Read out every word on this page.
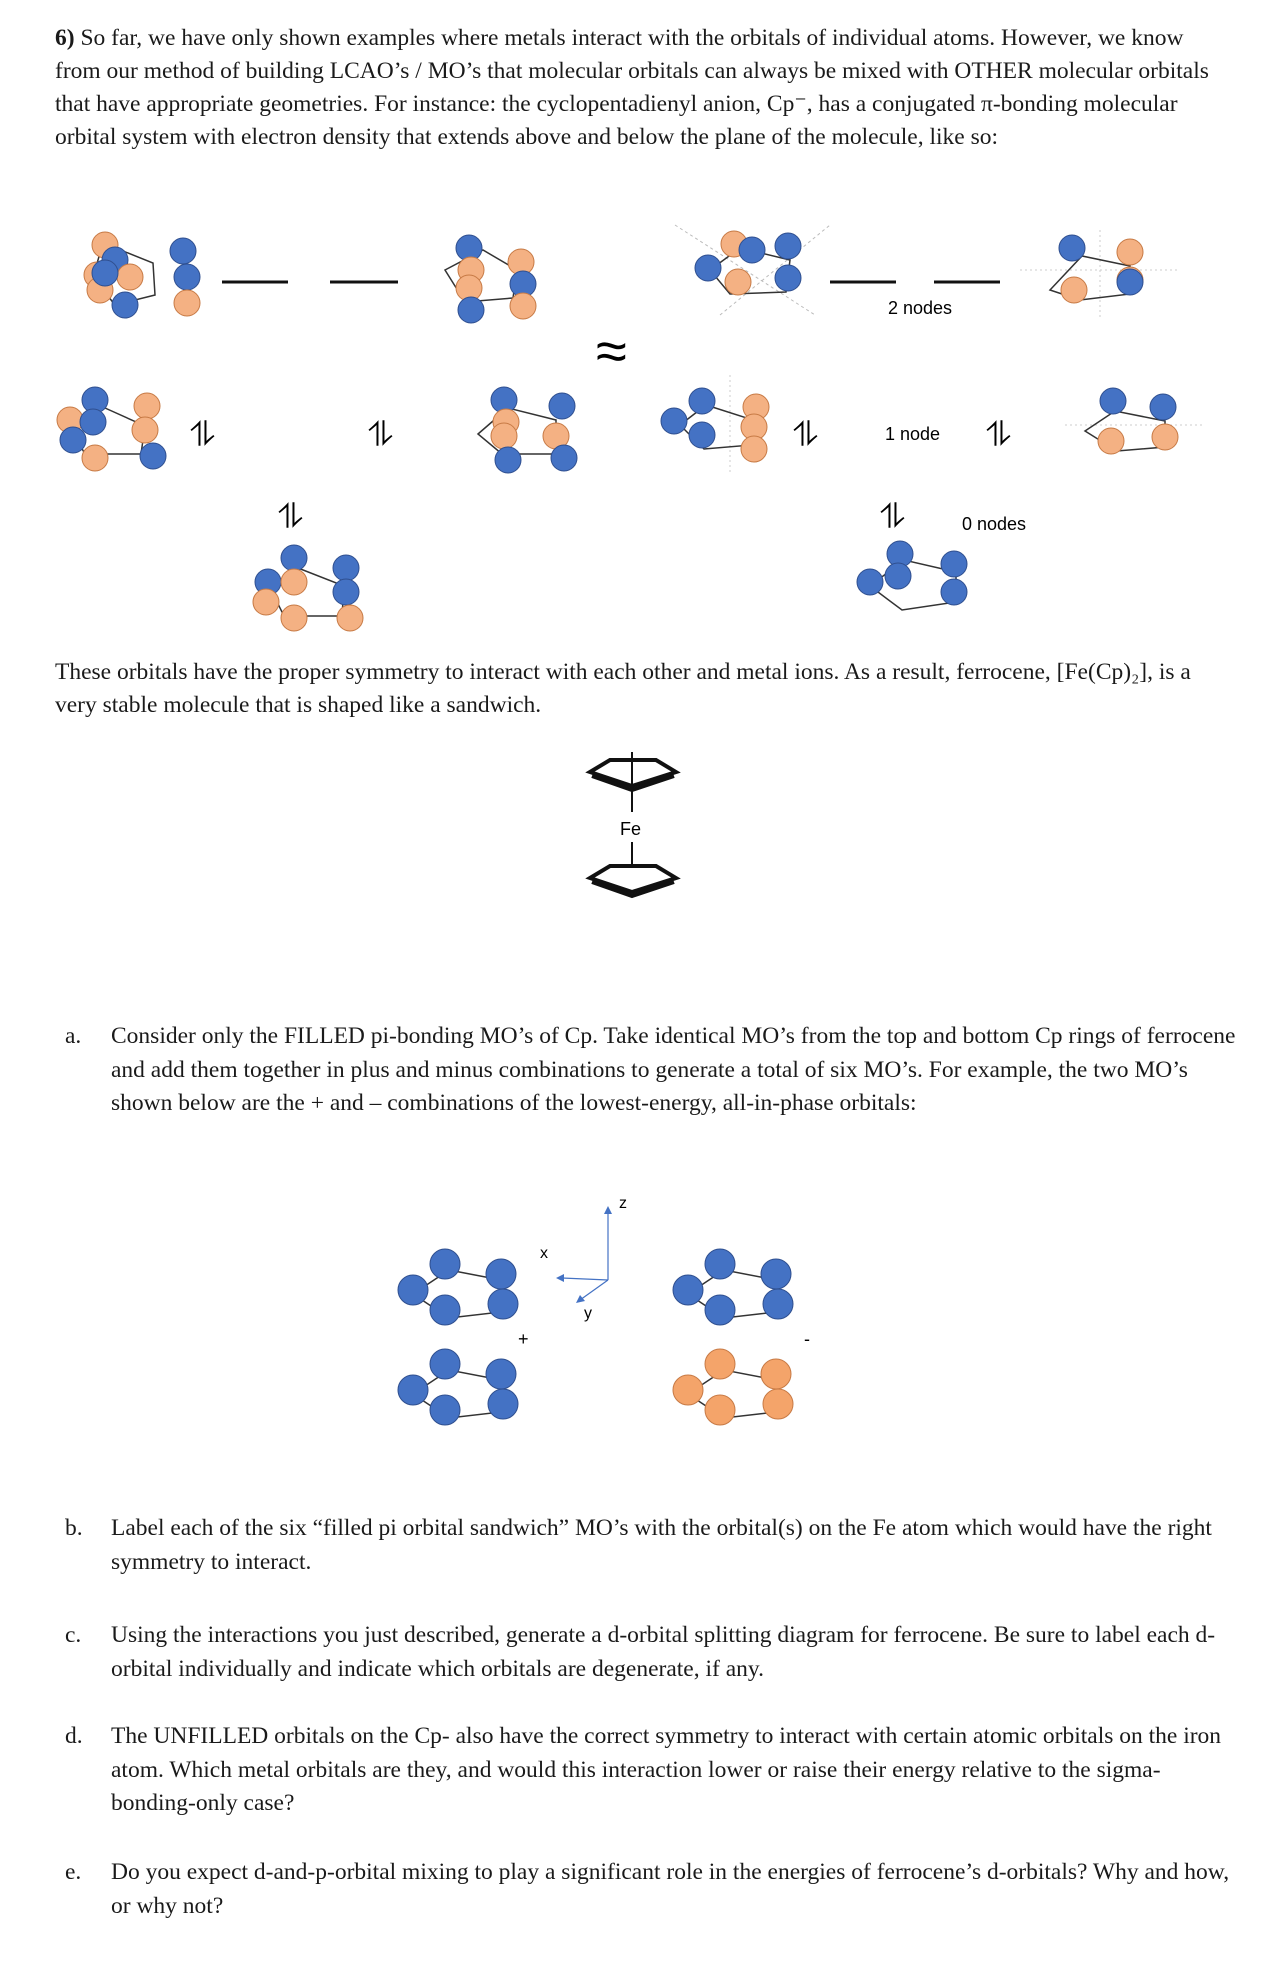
6) So far, we have only shown examples where metals interact with the orbitals of individual atoms. However, we know from our method of building LCAO’s / MO’s that molecular orbitals can always be mixed with OTHER molecular orbitals that have appropriate geometries. For instance: the cyclopentadienyl anion, Cp⁻, has a conjugated π-bonding molecular orbital system with electron density that extends above and below the plane of the molecule, like so:
⥮	⥮
⥮
≈
2 nodes
⥮	1 node ⥮
⥮	0 nodes
Fe
+
z
x
y
-
These orbitals have the proper symmetry to interact with each other and metal ions. As a result, ferrocene, [Fe(Cp)₂], is a very stable molecule that is shaped like a sandwich.
a. Consider only the FILLED pi-bonding MO’s of Cp. Take identical MO’s from the top and bottom Cp rings of ferrocene and add them together in plus and minus combinations to generate a total of six MO’s. For example, the two MO’s shown below are the + and – combinations of the lowest-energy, all-in-phase orbitals:
b. Label each of the six “filled pi orbital sandwich” MO’s with the orbital(s) on the Fe atom which would have the right symmetry to interact.
c. Using the interactions you just described, generate a d-orbital splitting diagram for ferrocene. Be sure to label each d-orbital individually and indicate which orbitals are degenerate, if any.
d. The UNFILLED orbitals on the Cp- also have the correct symmetry to interact with certain atomic orbitals on the iron atom. Which metal orbitals are they, and would this interaction lower or raise their energy relative to the sigma-bonding-only case?
e. Do you expect d-and-p-orbital mixing to play a significant role in the energies of ferrocene’s d-orbitals? Why and how, or why not?
